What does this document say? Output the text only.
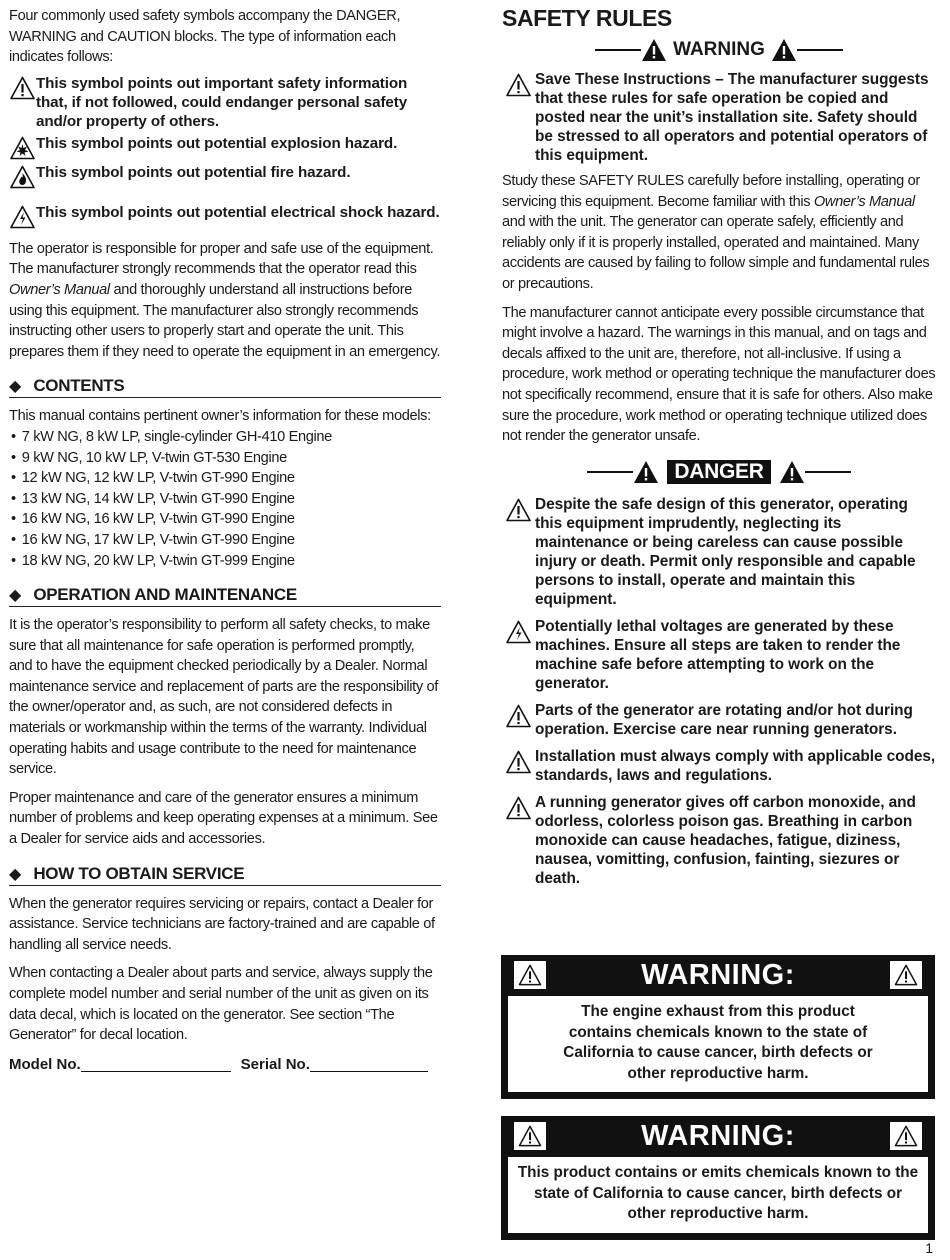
Four commonly used safety symbols accompany the DANGER, WARNING and CAUTION blocks. The type of information each indicates follows:

This symbol points out important safety information that, if not followed, could endanger personal safety and/or property of others.
This symbol points out potential explosion hazard.
This symbol points out potential fire hazard.
This symbol points out potential electrical shock hazard.

The operator is responsible for proper and safe use of the equipment. The manufacturer strongly recommends that the operator read this Owner’s Manual and thoroughly understand all instructions before using this equipment. The manufacturer also strongly recommends instructing other users to properly start and operate the unit. This prepares them if they need to operate the equipment in an emergency.

◆ CONTENTS

This manual contains pertinent owner’s information for these models:

• 7 kW NG, 8 kW LP, single-cylinder GH-410 Engine
• 9 kW NG, 10 kW LP, V-twin GT-530 Engine
• 12 kW NG, 12 kW LP, V-twin GT-990 Engine
• 13 kW NG, 14 kW LP, V-twin GT-990 Engine
• 16 kW NG, 16 kW LP, V-twin GT-990 Engine
• 16 kW NG, 17 kW LP, V-twin GT-990 Engine
• 18 kW NG, 20 kW LP, V-twin GT-999 Engine
◆ OPERATION AND MAINTENANCE

It is the operator’s responsibility to perform all safety checks, to make sure that all maintenance for safe operation is performed promptly, and to have the equipment checked periodically by a Dealer. Normal maintenance service and replacement of parts are the responsibility of the owner/operator and, as such, are not considered defects in materials or workmanship within the terms of the warranty. Individual operating habits and usage contribute to the need for maintenance service.

Proper maintenance and care of the generator ensures a minimum number of problems and keep operating expenses at a minimum. See a Dealer for service aids and accessories.

◆ HOW TO OBTAIN SERVICE

When the generator requires servicing or repairs, contact a Dealer for assistance. Service technicians are factory-trained and are capable of handling all service needs.

When contacting a Dealer about parts and service, always supply the complete model number and serial number of the unit as given on its data decal, which is located on the generator. See section “The Generator” for decal location.

Model No.	Serial No.
SAFETY RULES
WARNING
Save These Instructions – The manufacturer suggests that these rules for safe operation be copied and posted near the unit’s installation site. Safety should be stressed to all operators and potential operators of this equipment.

Study these SAFETY RULES carefully before installing, operating or servicing this equipment. Become familiar with this Owner’s Manual and with the unit. The generator can operate safely, efficiently and reliably only if it is properly installed, operated and maintained. Many accidents are caused by failing to follow simple and fundamental rules or precautions.

The manufacturer cannot anticipate every possible circumstance that might involve a hazard. The warnings in this manual, and on tags and decals affixed to the unit are, therefore, not all-inclusive. If using a procedure, work method or operating technique the manufacturer does not specifically recommend, ensure that it is safe for others. Also make sure the procedure, work method or operating technique utilized does not render the generator unsafe.

DANGER
Despite the safe design of this generator, operating this equipment imprudently, neglecting its maintenance or being careless can cause possible injury or death. Permit only responsible and capable persons to install, operate and maintain this equipment.
Potentially lethal voltages are generated by these machines. Ensure all steps are taken to render the machine safe before attempting to work on the generator.
Parts of the generator are rotating and/or hot during operation. Exercise care near running generators.
Installation must always comply with applicable codes, standards, laws and regulations.
A running generator gives off carbon monoxide, and odorless, colorless poison gas. Breathing in carbon monoxide can cause headaches, fatigue, diziness, nausea, vomitting, confusion, fainting, siezures or death.
WARNING:
The engine exhaust from this product contains chemicals known to the state of California to cause cancer, birth defects or other reproductive harm.
WARNING:
This product contains or emits chemicals known to the state of California to cause cancer, birth defects or other reproductive harm.
1
